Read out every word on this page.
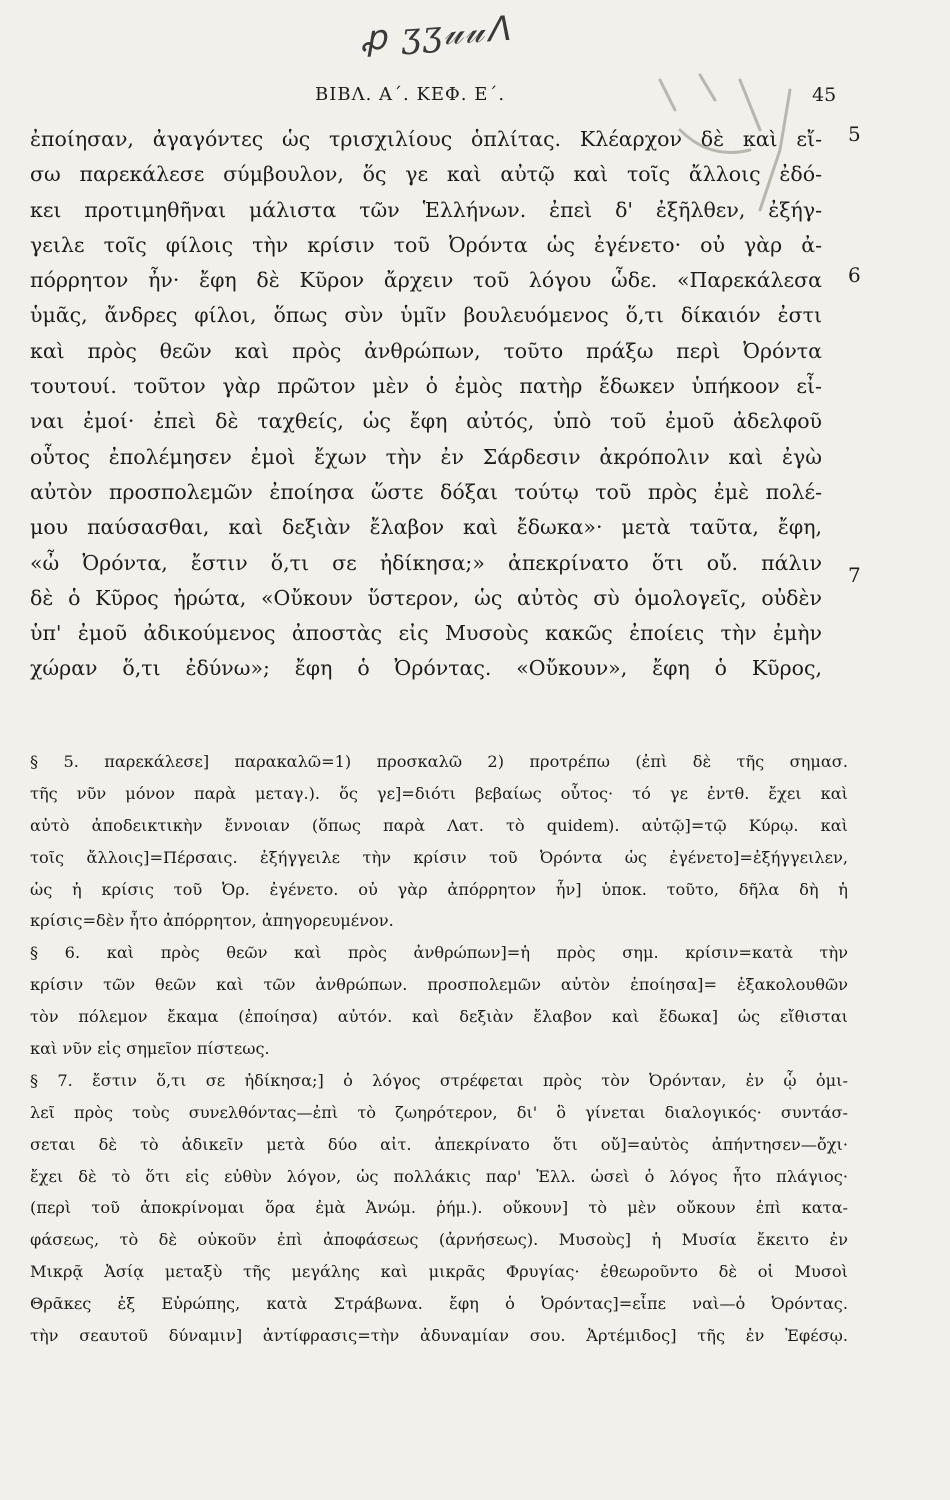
ꝓ ʒʒ𝓊𝓊ⴷ
ΒΙΒΛ. Α΄. ΚΕΦ. Ε΄.	45
ἐποίησαν, ἀγαγόντες ὡς τρισχιλίους ὁπλίτας. Κλέαρχον δὲ καὶ εἴ-
σω παρεκάλεσε σύμβουλον, ὅς γε καὶ αὐτῷ καὶ τοῖς ἄλλοις ἐδό-
κει προτιμηθῆναι μάλιστα τῶν Ἑλλήνων. ἐπεὶ δ' ἐξῆλθεν, ἐξήγ-
γειλε τοῖς φίλοις τὴν κρίσιν τοῦ Ὀρόντα ὡς ἐγένετο· οὐ γὰρ ἀ-
πόρρητον ἦν· ἔφη δὲ Κῦρον ἄρχειν τοῦ λόγου ὧδε. «Παρεκάλεσα
ὑμᾶς, ἄνδρες φίλοι, ὅπως σὺν ὑμῖν βουλευόμενος ὅ,τι δίκαιόν ἐστι
καὶ πρὸς θεῶν καὶ πρὸς ἀνθρώπων, τοῦτο πράξω περὶ Ὀρόντα
τουτουί. τοῦτον γὰρ πρῶτον μὲν ὁ ἐμὸς πατὴρ ἔδωκεν ὑπήκοον εἶ-
ναι ἐμοί· ἐπεὶ δὲ ταχθείς, ὡς ἔφη αὐτός, ὑπὸ τοῦ ἐμοῦ ἀδελφοῦ
οὗτος ἐπολέμησεν ἐμοὶ ἔχων τὴν ἐν Σάρδεσιν ἀκρόπολιν καὶ ἐγὼ
αὐτὸν προσπολεμῶν ἐποίησα ὥστε δόξαι τούτῳ τοῦ πρὸς ἐμὲ πολέ-
μου παύσασθαι, καὶ δεξιὰν ἔλαβον καὶ ἔδωκα»· μετὰ ταῦτα, ἔφη,
«ὦ Ὀρόντα, ἔστιν ὅ,τι σε ἠδίκησα;» ἀπεκρίνατο ὅτι οὔ. πάλιν
δὲ ὁ Κῦρος ἠρώτα, «Οὔκουν ὕστερον, ὡς αὐτὸς σὺ ὁμολογεῖς, οὐδὲν
ὑπ' ἐμοῦ ἀδικούμενος ἀποστὰς εἰς Μυσοὺς κακῶς ἐποίεις τὴν ἐμὴν
χώραν ὅ,τι ἐδύνω»; ἔφη ὁ Ὀρόντας. «Οὔκουν», ἔφη ὁ Κῦρος,
5
6
7
§ 5. παρεκάλεσε] παρακαλῶ=1) προσκαλῶ 2) προτρέπω (ἐπὶ δὲ τῆς σημασ.
τῆς νῦν μόνον παρὰ μεταγ.). ὅς γε]=διότι βεβαίως οὗτος· τό γε ἐντθ. ἔχει καὶ
αὐτὸ ἀποδεικτικὴν ἔννοιαν (ὅπως παρὰ Λατ. τὸ quidem). αὐτῷ]=τῷ Κύρῳ. καὶ
τοῖς ἄλλοις]=Πέρσαις. ἐξήγγειλε τὴν κρίσιν τοῦ Ὀρόντα ὡς ἐγένετο]=ἐξήγγειλεν,
ὡς ἡ κρίσις τοῦ Ὀρ. ἐγένετο. οὐ γὰρ ἀπόρρητον ἦν] ὑποκ. τοῦτο, δῆλα δὴ ἡ
κρίσις=δὲν ἦτο ἀπόρρητον, ἀπηγορευμένον.
§ 6. καὶ πρὸς θεῶν καὶ πρὸς ἀνθρώπων]=ἡ πρὸς σημ. κρίσιν=κατὰ τὴν
κρίσιν τῶν θεῶν καὶ τῶν ἀνθρώπων. προσπολεμῶν αὐτὸν ἐποίησα]= ἐξακολουθῶν
τὸν πόλεμον ἔκαμα (ἐποίησα) αὐτόν. καὶ δεξιὰν ἔλαβον καὶ ἔδωκα] ὡς εἴθισται
καὶ νῦν εἰς σημεῖον πίστεως.
§ 7. ἔστιν ὅ,τι σε ἠδίκησα;] ὁ λόγος στρέφεται πρὸς τὸν Ὀρόνταν, ἐν ᾧ ὁμι-
λεῖ πρὸς τοὺς συνελθόντας—ἐπὶ τὸ ζωηρότερον, δι' ὃ γίνεται διαλογικός· συντάσ-
σεται δὲ τὸ ἀδικεῖν μετὰ δύο αἰτ. ἀπεκρίνατο ὅτι οὔ]=αὐτὸς ἀπήντησεν—ὄχι·
ἔχει δὲ τὸ ὅτι εἰς εὐθὺν λόγον, ὡς πολλάκις παρ' Ἑλλ. ὡσεὶ ὁ λόγος ἦτο πλάγιος·
(περὶ τοῦ ἀποκρίνομαι ὅρα ἐμὰ Ἀνώμ. ῥήμ.). οὔκουν] τὸ μὲν οὔκουν ἐπὶ κατα-
φάσεως, τὸ δὲ οὐκοῦν ἐπὶ ἀποφάσεως (ἀρνήσεως). Μυσοὺς] ἡ Μυσία ἔκειτο ἐν
Μικρᾷ Ἀσίᾳ μεταξὺ τῆς μεγάλης καὶ μικρᾶς Φρυγίας· ἐθεωροῦντο δὲ οἱ Μυσοὶ
Θρᾶκες ἐξ Εὐρώπης, κατὰ Στράβωνα. ἔφη ὁ Ὀρόντας]=εἶπε ναὶ—ὁ Ὀρόντας.
τὴν σεαυτοῦ δύναμιν] ἀντίφρασις=τὴν ἀδυναμίαν σου. Ἀρτέμιδος] τῆς ἐν Ἐφέσῳ.
